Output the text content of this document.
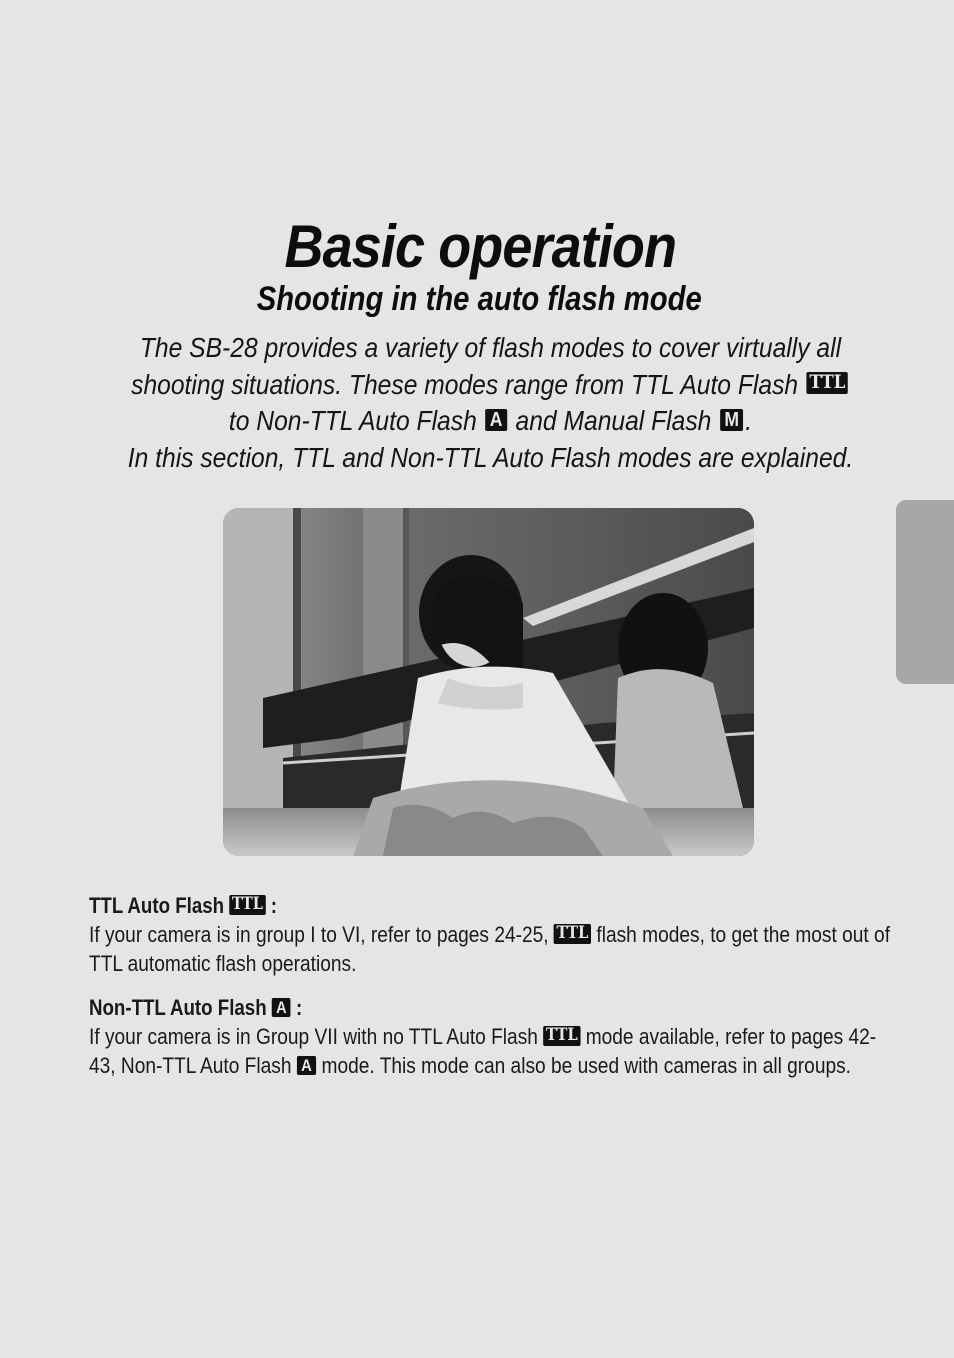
Basic operation
Shooting in the auto flash mode
The SB-28 provides a variety of flash modes to cover virtually all
shooting situations. These modes range from TTL Auto Flash TTL
to Non-TTL Auto Flash A and Manual Flash M .
In this section, TTL and Non-TTL Auto Flash modes are explained.
TTL Auto Flash TTL :
If your camera is in group I to VI, refer to pages 24-25, TTL flash modes, to get the most out of TTL automatic flash operations.
Non-TTL Auto Flash A :
If your camera is in Group VII with no TTL Auto Flash TTL mode available, refer to pages 42-43, Non-TTL Auto Flash A mode. This mode can also be used with cameras in all groups.
